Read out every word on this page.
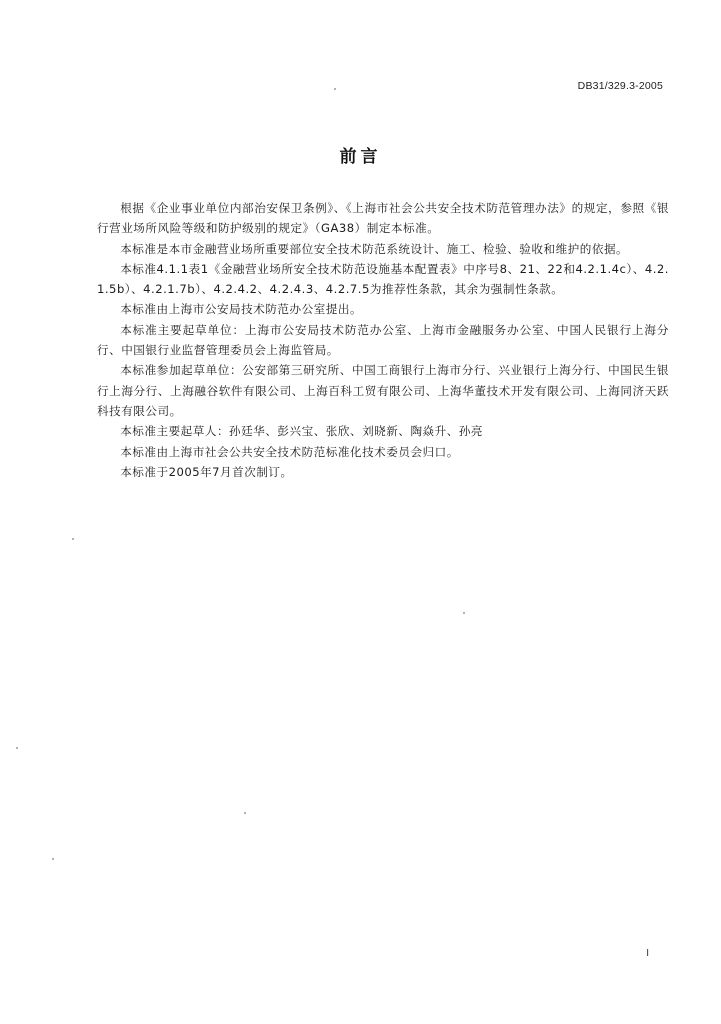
DB31/329.3-2005
前言

根据《企业事业单位内部治安保卫条例》、《上海市社会公共安全技术防范管理办法》的规定，参照《银行营业场所风险等级和防护级别的规定》（GA38）制定本标准。

本标准是本市金融营业场所重要部位安全技术防范系统设计、施工、检验、验收和维护的依据。

本标准4.1.1表1《金融营业场所安全技术防范设施基本配置表》中序号8、21、22和4.2.1.4c）、4.2.1.5b）、4.2.1.7b）、4.2.4.2、4.2.4.3、4.2.7.5为推荐性条款，其余为强制性条款。

本标准由上海市公安局技术防范办公室提出。

本标准主要起草单位：上海市公安局技术防范办公室、上海市金融服务办公室、中国人民银行上海分行、中国银行业监督管理委员会上海监管局。

本标准参加起草单位：公安部第三研究所、中国工商银行上海市分行、兴业银行上海分行、中国民生银行上海分行、上海融谷软件有限公司、上海百科工贸有限公司、上海华董技术开发有限公司、上海同济天跃科技有限公司。

本标准主要起草人：孙廷华、彭兴宝、张欣、刘晓新、陶焱升、孙亮

本标准由上海市社会公共安全技术防范标准化技术委员会归口。

本标准于2005年7月首次制订。

I
